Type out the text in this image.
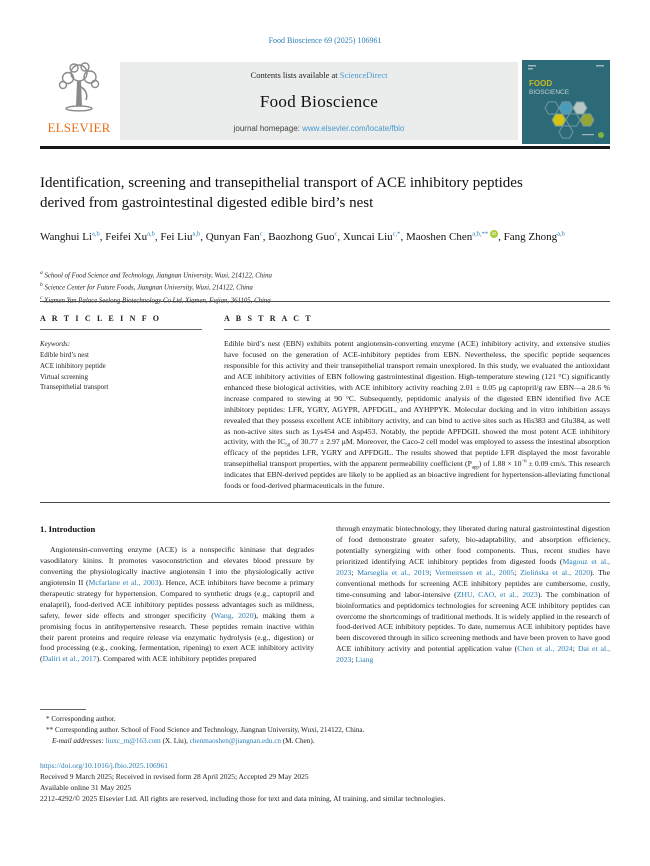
Food Bioscience 69 (2025) 106961
ELSEVIER
Contents lists available at ScienceDirect
Food Bioscience
journal homepage: www.elsevier.com/locate/fbio
FOOD
BIOSCIENCE
Identification, screening and transepithelial transport of ACE inhibitory peptides derived from gastrointestinal digested edible bird’s nest
Wanghui Li$^{a,b}$, Feifei Xu$^{a,b}$, Fei Liu$^{a,b}$, Qunyan Fan$^c$, Baozhong Guo$^c$, Xuncai Liu$^{c,*}$, Maoshen Chen$^{a,b,**}$ iD , Fang Zhong$^{a,b}$
$^a$ School of Food Science and Technology, Jiangnan University, Wuxi, 214122, China
$^b$ Science Center for Future Foods, Jiangnan University, Wuxi, 214122, China
$^c$ Xiamen Yan Palace Seelong Biotechnology Co Ltd, Xiamen, Fujian, 361105, China
A R T I C L E I N F O
Keywords:
Edible bird’s nest
ACE inhibitory peptide
Virtual screening
Transepithelial transport
A B S T R A C T
Edible bird’s nest (EBN) exhibits potent angiotensin-converting enzyme (ACE) inhibitory activity, and extensive studies have focused on the generation of ACE-inhibitory peptides from EBN. Nevertheless, the specific peptide sequences responsible for this activity and their transepithelial transport remain unexplored. In this study, we evaluated the antioxidant and ACE inhibitory activities of EBN following gastrointestinal digestion. High-temperature stewing (121 °C) significantly enhanced these biological activities, with ACE inhibitory activity reaching 2.01 ± 0.05 μg captopril/g raw EBN—a 28.6 % increase compared to stewing at 90 °C. Subsequently, peptidomic analysis of the digested EBN identified five ACE inhibitory peptides: LFR, YGRY, AGYPR, APFDGIL, and AYHPPYK. Molecular docking and in vitro inhibition assays revealed that they possess excellent ACE inhibitory activity, and can bind to active sites such as His383 and Glu384, as well as non-active sites such as Lys454 and Asp453. Notably, the peptide APFDGIL showed the most potent ACE inhibitory activity, with the $IC_{50}$ of 30.77 ± 2.97 μM. Moreover, the Caco-2 cell model was employed to assess the intestinal absorption efficacy of the peptides LFR, YGRY and APFDGIL. The results showed that peptide LFR displayed the most favorable transepithelial transport properties, with the apparent permeability coefficient $(P_{app})$ of $1.88 \times 10^{-6} \pm 0.09$ cm/s. This research indicates that EBN-derived peptides are likely to be applied as an bioactive ingredient for hypertension-alleviating functional foods or food-derived pharmaceuticals in the future.

1. Introduction

Angiotensin-converting enzyme (ACE) is a nonspecific kininase that degrades vasodilatory kinins. It promotes vasoconstriction and elevates blood pressure by converting the physiologically inactive angiotensin I into the physiologically active angiotensin II (Mcfarlane et al., 2003). Hence, ACE inhibitors have become a primary therapeutic strategy for hypertension. Compared to synthetic drugs (e.g., captopril and enalapril), food-derived ACE inhibitory peptides possess advantages such as mildness, safety, fewer side effects and stronger specificity (Wang, 2020), making them a promising focus in antihypertensive research. These peptides remain inactive within their parent proteins and require release via enzymatic hydrolysis (e.g., digestion) or food processing (e.g., cooking, fermentation, ripening) to exert ACE inhibitory activity (Daliri et al., 2017). Compared with ACE inhibitory peptides prepared

through enzymatic biotechnology, they liberated during natural gastrointestinal digestion of food demonstrate greater safety, bio-adaptability, and absorption efficiency, potentially synergizing with other food components. Thus, recent studies have prioritized identifying ACE inhibitory peptides from digested foods (Magouz et al., 2023; Marseglia et al., 2019; Vermeirssen et al., 2005; Zielińska et al., 2020). The conventional methods for screening ACE inhibitory peptides are cumbersome, costly, time-consuming and labor-intensive (ZHU, CAO, et al., 2023). The combination of bioinformatics and peptidomics technologies for screening ACE inhibitory peptides can overcome the shortcomings of traditional methods. It is widely applied in the research of food-derived ACE inhibitory peptides. To date, numerous ACE inhibitory peptides have been discovered through in silico screening methods and have been proven to have good ACE inhibitory activity and potential application value (Chen et al., 2024; Dai et al., 2023; Liang

* Corresponding author.
** Corresponding author. School of Food Science and Technology, Jiangnan University, Wuxi, 214122, China.
E-mail addresses: liuxc_m@163.com (X. Liu), chenmaoshen@jiangnan.edu.cn (M. Chen).
https://doi.org/10.1016/j.fbio.2025.106961
Received 9 March 2025; Received in revised form 28 April 2025; Accepted 29 May 2025
Available online 31 May 2025
2212-4292/© 2025 Elsevier Ltd. All rights are reserved, including those for text and data mining, AI training, and similar technologies.
